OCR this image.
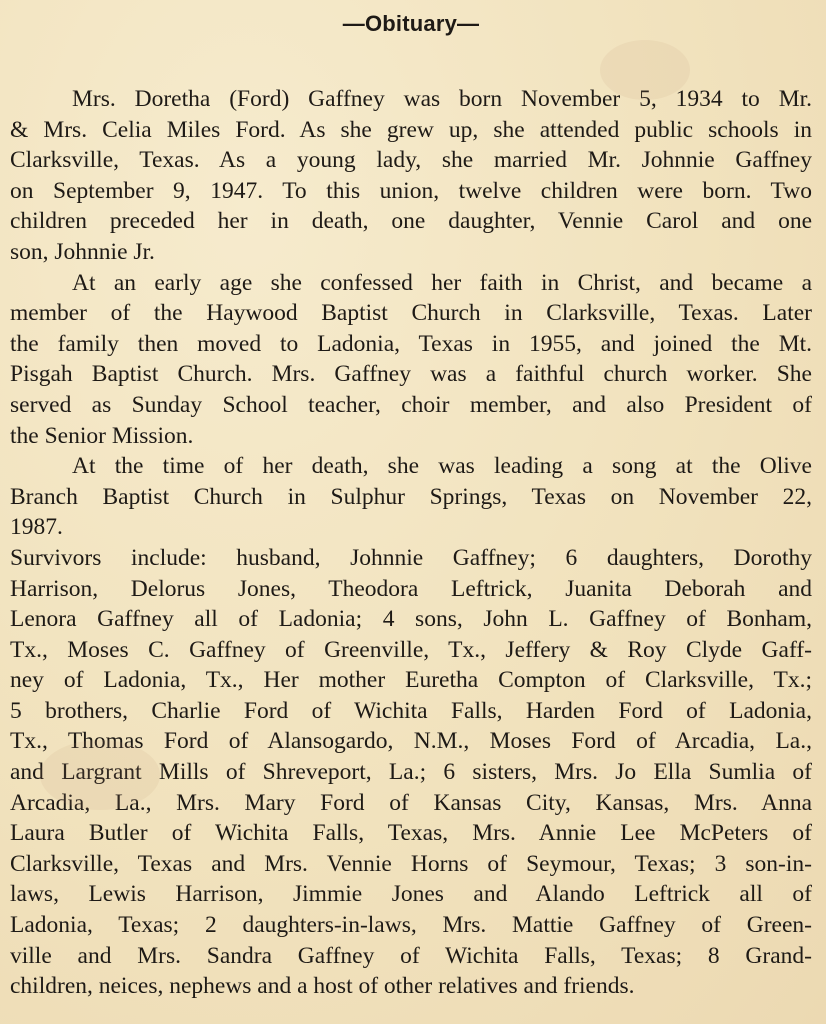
—Obituary—

Mrs. Doretha (Ford) Gaffney was born November 5, 1934 to Mr.
& Mrs. Celia Miles Ford. As she grew up, she attended public schools in
Clarksville, Texas. As a young lady, she married Mr. Johnnie Gaffney
on September 9, 1947. To this union, twelve children were born. Two
children preceded her in death, one daughter, Vennie Carol and one
son, Johnnie Jr.

At an early age she confessed her faith in Christ, and became a
member of the Haywood Baptist Church in Clarksville, Texas. Later
the family then moved to Ladonia, Texas in 1955, and joined the Mt.
Pisgah Baptist Church. Mrs. Gaffney was a faithful church worker. She
served as Sunday School teacher, choir member, and also President of
the Senior Mission.

At the time of her death, she was leading a song at the Olive
Branch Baptist Church in Sulphur Springs, Texas on November 22,
1987.

Survivors include: husband, Johnnie Gaffney; 6 daughters, Dorothy
Harrison, Delorus Jones, Theodora Leftrick, Juanita Deborah and
Lenora Gaffney all of Ladonia; 4 sons, John L. Gaffney of Bonham,
Tx., Moses C. Gaffney of Greenville, Tx., Jeffery & Roy Clyde Gaff-
ney of Ladonia, Tx., Her mother Euretha Compton of Clarksville, Tx.;
5 brothers, Charlie Ford of Wichita Falls, Harden Ford of Ladonia,
Tx., Thomas Ford of Alansogardo, N.M., Moses Ford of Arcadia, La.,
and Largrant Mills of Shreveport, La.; 6 sisters, Mrs. Jo Ella Sumlia of
Arcadia, La., Mrs. Mary Ford of Kansas City, Kansas, Mrs. Anna
Laura Butler of Wichita Falls, Texas, Mrs. Annie Lee McPeters of
Clarksville, Texas and Mrs. Vennie Horns of Seymour, Texas; 3 son-in-
laws, Lewis Harrison, Jimmie Jones and Alando Leftrick all of
Ladonia, Texas; 2 daughters-in-laws, Mrs. Mattie Gaffney of Green-
ville and Mrs. Sandra Gaffney of Wichita Falls, Texas; 8 Grand-
children, neices, nephews and a host of other relatives and friends.
